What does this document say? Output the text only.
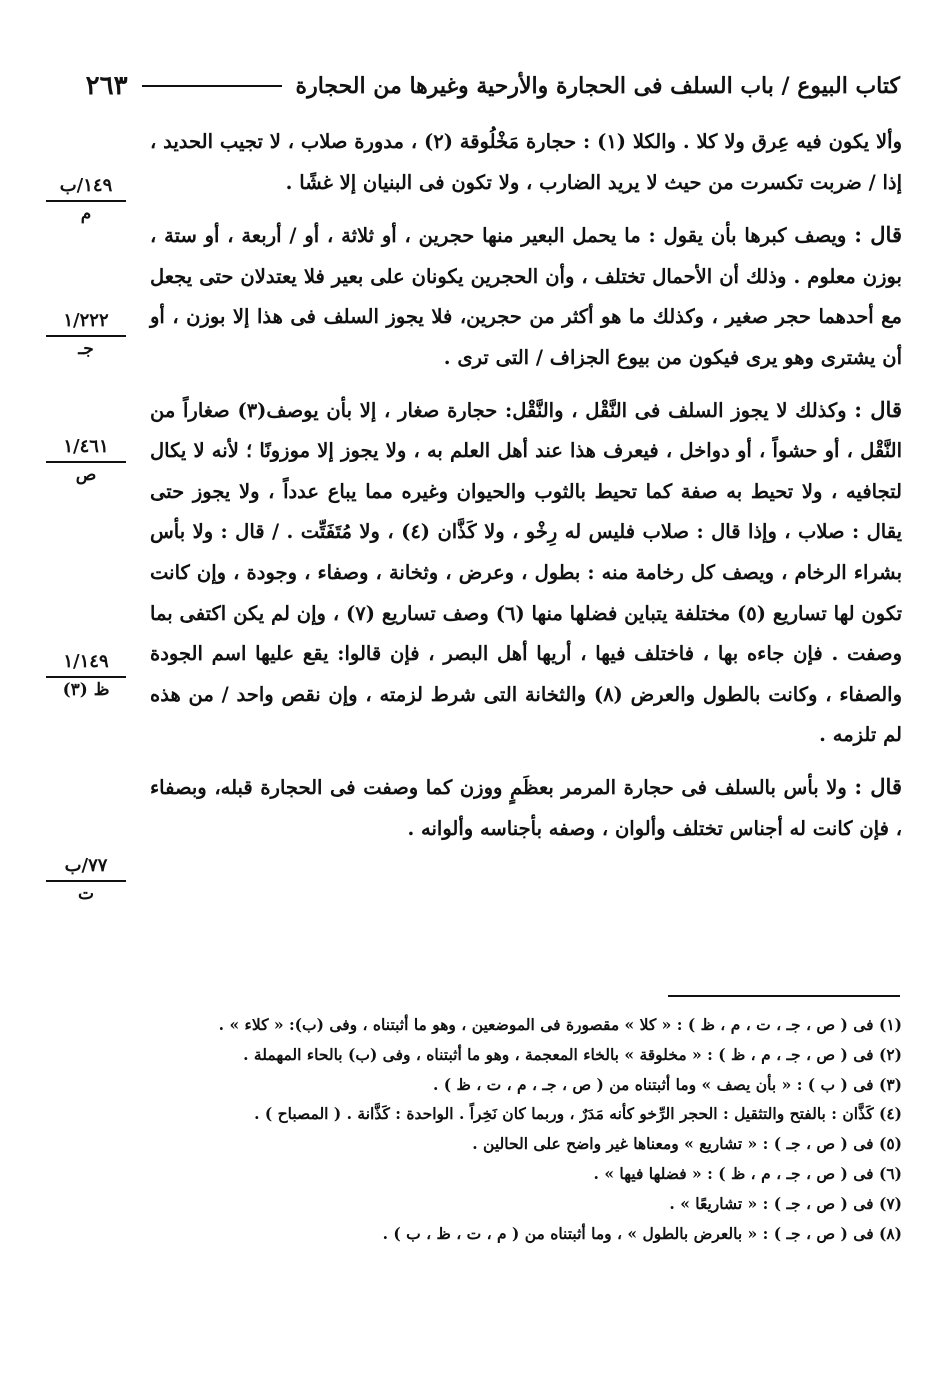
كتاب البيوع / باب السلف فى الحجارة والأرحية وغيرها من الحجارة
٢٦٣

وألا يكون فيه عِرق ولا كلا . والكلا (١) : حجارة مَخْلُوقة (٢) ، مدورة صلاب ، لا تجيب الحديد ، إذا / ضربت تكسرت من حيث لا يريد الضارب ، ولا تكون فى البنيان إلا غشًا .

قال : ويصف كبرها بأن يقول : ما يحمل البعير منها حجرين ، أو ثلاثة ، أو / أربعة ، أو ستة ، بوزن معلوم . وذلك أن الأحمال تختلف ، وأن الحجرين يكونان على بعير فلا يعتدلان حتى يجعل مع أحدهما حجر صغير ، وكذلك ما هو أكثر من حجرين، فلا يجوز السلف فى هذا إلا بوزن ، أو أن يشترى وهو يرى فيكون من بيوع الجزاف / التى ترى .

قال : وكذلك لا يجوز السلف فى النَّقْل ، والنَّقْل: حجارة صغار ، إلا بأن يوصف(٣) صغاراً من النَّقْل ، أو حشواً ، أو دواخل ، فيعرف هذا عند أهل العلم به ، ولا يجوز إلا موزونًا ؛ لأنه لا يكال لتجافيه ، ولا تحيط به صفة كما تحيط بالثوب والحيوان وغيره مما يباع عدداً ، ولا يجوز حتى يقال : صلاب ، وإذا قال : صلاب فليس له رِخْو ، ولا كَذَّان (٤) ، ولا مُتَفَتِّت . / قال : ولا بأس بشراء الرخام ، ويصف كل رخامة منه : بطول ، وعرض ، وثخانة ، وصفاء ، وجودة ، وإن كانت تكون لها تساريع (٥) مختلفة يتباين فضلها منها (٦) وصف تساريع (٧) ، وإن لم يكن اكتفى بما وصفت . فإن جاءه بها ، فاختلف فيها ، أريها أهل البصر ، فإن قالوا: يقع عليها اسم الجودة والصفاء ، وكانت بالطول والعرض (٨) والثخانة التى شرط لزمته ، وإن نقص واحد / من هذه لم تلزمه .

قال : ولا بأس بالسلف فى حجارة المرمر بعظَمٍ ووزن كما وصفت فى الحجارة قبله، وبصفاء ، فإن كانت له أجناس تختلف وألوان ، وصفه بأجناسه وألوانه .

١٤٩/ب
م
١/٢٢٢
جـ
١/٤٦١
ص
١/١٤٩
ظ (٣)
٧٧/ب
ت
(١) فى ( ص ، جـ ، ت ، م ، ظ ) : « كلا » مقصورة فى الموضعين ، وهو ما أثبتناه ، وفى (ب): « كلاء » .
(٢) فى ( ص ، جـ ، م ، ظ ) : « مخلوقة » بالخاء المعجمة ، وهو ما أثبتناه ، وفى (ب) بالحاء المهملة .
(٣) فى ( ب ) : « بأن يصف » وما أثبتناه من ( ص ، جـ ، م ، ت ، ظ ) .
(٤) كَذَّان : بالفتح والتثقيل : الحجر الرِّخو كأنه مَدَرٌ ، وربما كان نَخِراً . الواحدة : كَذَّانة . ( المصباح ) .
(٥) فى ( ص ، جـ ) : « تشاريع » ومعناها غير واضح على الحالين .
(٦) فى ( ص ، جـ ، م ، ظ ) : « فضلها فيها » .
(٧) فى ( ص ، جـ ) : « تشاريعًا » .
(٨) فى ( ص ، جـ ) : « بالعرض بالطول » ، وما أثبتناه من ( م ، ت ، ظ ، ب ) .
